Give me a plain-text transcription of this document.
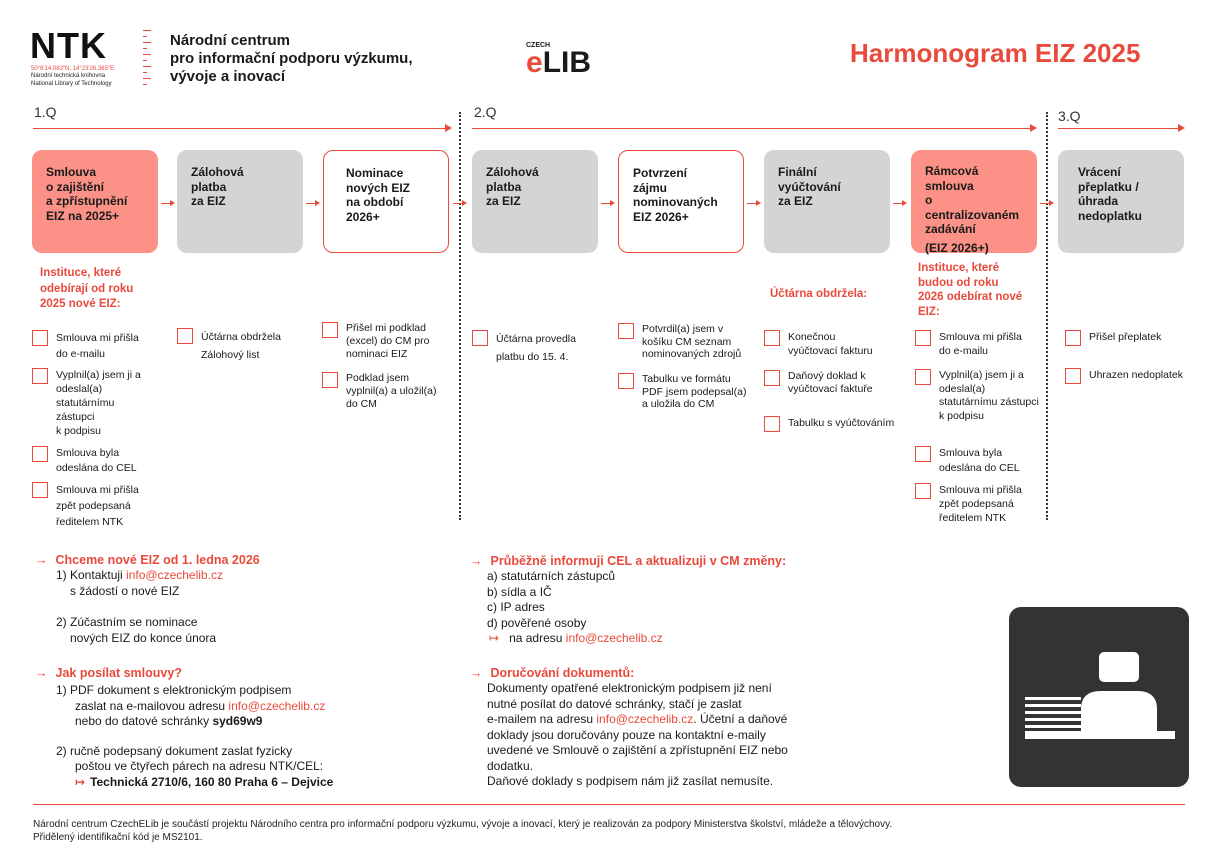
NTK
50°6'14.083"N, 14°23'26.365"E
Národní technická knihovna
National Library of Technology
Národní centrum
pro informační podporu výzkumu,
vývoje a inovací
CZECH
eLIB	Harmonogram EIZ 2025
1.Q	2.Q	3.Q
Smlouva
o zajištění
a zpřístupnění
EIZ na 2025+
Zálohová
platba
za EIZ
Nominace
nových EIZ
na období
2026+
Zálohová
platba
za EIZ
Potvrzení
zájmu
nominovaných
EIZ 2026+
Finální
vyúčtování
za EIZ
Rámcová
smlouva
o centralizovaném
zadávání
(EIZ 2026+)
Vrácení
přeplatku /
úhrada
nedoplatku
Instituce, které
odebírají od roku
2025 nové EIZ:
Smlouva mi přišla
do e-mailu
Vyplnil(a) jsem ji a
odeslal(a)
statutárnímu
zástupci
k podpisu
Smlouva byla
odeslána do CEL
Smlouva mi přišla
zpět podepsaná
ředitelem NTK
Účtárna obdržela
Zálohový list
Přišel mi podklad
(excel) do CM pro
nominaci EIZ
Podklad jsem
vyplnil(a) a uložil(a)
do CM
Účtárna provedla
platbu do 15. 4.
Potvrdil(a) jsem v
košíku CM seznam
nominovaných zdrojů
Tabulku ve formátu
PDF jsem podepsal(a)
a uložila do CM
Účtárna obdržela:
Konečnou
vyúčtovací fakturu
Daňový doklad k
vyúčtovací faktuře
Tabulku s vyúčtováním
Instituce, které
budou od roku
2026 odebírat nové
EIZ:
Smlouva mi přišla
do e-mailu
Vyplnil(a) jsem ji a
odeslal(a)
statutárnímu zástupci
k podpisu
Smlouva byla
odeslána do CEL
Smlouva mi přišla
zpět podepsaná
ředitelem NTK
Přišel přeplatek
Uhrazen nedoplatek
→ Chceme nové EIZ od 1. ledna 2026
1) Kontaktuji info@czechelib.cz
s žádostí o nové EIZ
2) Zúčastním se nominace
nových EIZ do konce února
→ Jak posílat smlouvy?
1) PDF dokument s elektronickým podpisem
zaslat na e-mailovou adresu info@czechelib.cz
nebo do datové schránky syd69w9
2) ručně podepsaný dokument zaslat fyzicky
poštou ve čtyřech párech na adresu NTK/CEL:
↦ Technická 2710/6, 160 80 Praha 6 – Dejvice
→ Průběžně informuji CEL a aktualizuji v CM změny:
a) statutárních zástupců
b) sídla a IČ
c) IP adres
d) pověřené osoby
↦ na adresu info@czechelib.cz
→ Doručování dokumentů:
Dokumenty opatřené elektronickým podpisem již není
nutné posílat do datové schránky, stačí je zaslat
e-mailem na adresu info@czechelib.cz. Účetní a daňové
doklady jsou doručovány pouze na kontaktní e-maily
uvedené ve Smlouvě o zajištění a zpřístupnění EIZ nebo
dodatku.
Daňové doklady s podpisem nám již zasílat nemusíte.
Národní centrum CzechELib je součástí projektu Národního centra pro informační podporu výzkumu, vývoje a inovací, který je realizován za podpory Ministerstva školství, mládeže a tělovýchovy.
Přidělený identifikační kód je MS2101.
